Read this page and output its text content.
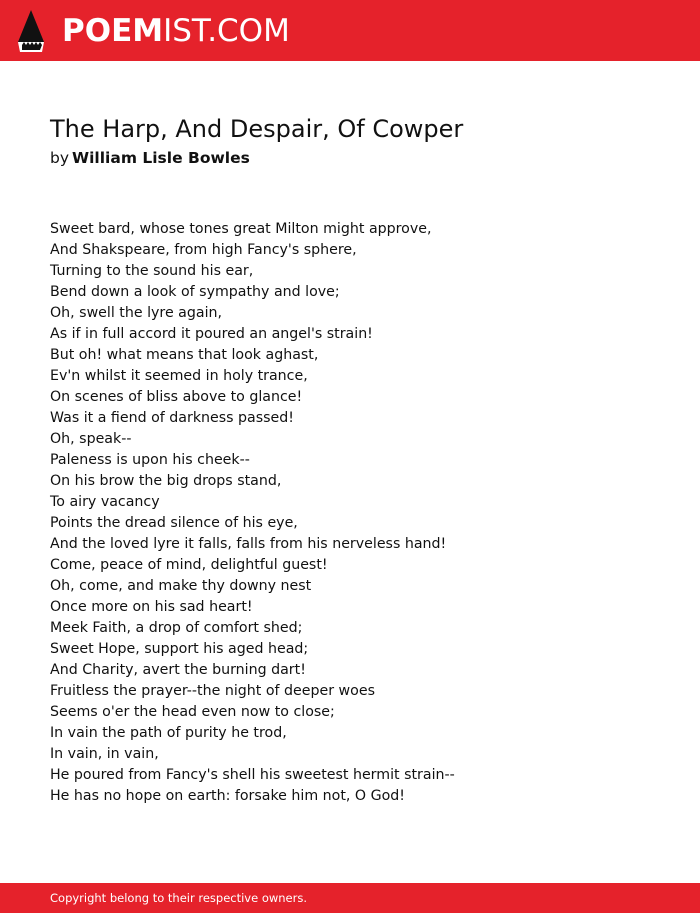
POEMIST.COM
The Harp, And Despair, Of Cowper
by William Lisle Bowles
Sweet bard, whose tones great Milton might approve,
And Shakspeare, from high Fancy's sphere,
Turning to the sound his ear,
Bend down a look of sympathy and love;
Oh, swell the lyre again,
As if in full accord it poured an angel's strain!
But oh! what means that look aghast,
Ev'n whilst it seemed in holy trance,
On scenes of bliss above to glance!
Was it a fiend of darkness passed!
Oh, speak--
Paleness is upon his cheek--
On his brow the big drops stand,
To airy vacancy
Points the dread silence of his eye,
And the loved lyre it falls, falls from his nerveless hand!
Come, peace of mind, delightful guest!
Oh, come, and make thy downy nest
Once more on his sad heart!
Meek Faith, a drop of comfort shed;
Sweet Hope, support his aged head;
And Charity, avert the burning dart!
Fruitless the prayer--the night of deeper woes
Seems o'er the head even now to close;
In vain the path of purity he trod,
In vain, in vain,
He poured from Fancy's shell his sweetest hermit strain--
He has no hope on earth: forsake him not, O God!
Copyright belong to their respective owners.
